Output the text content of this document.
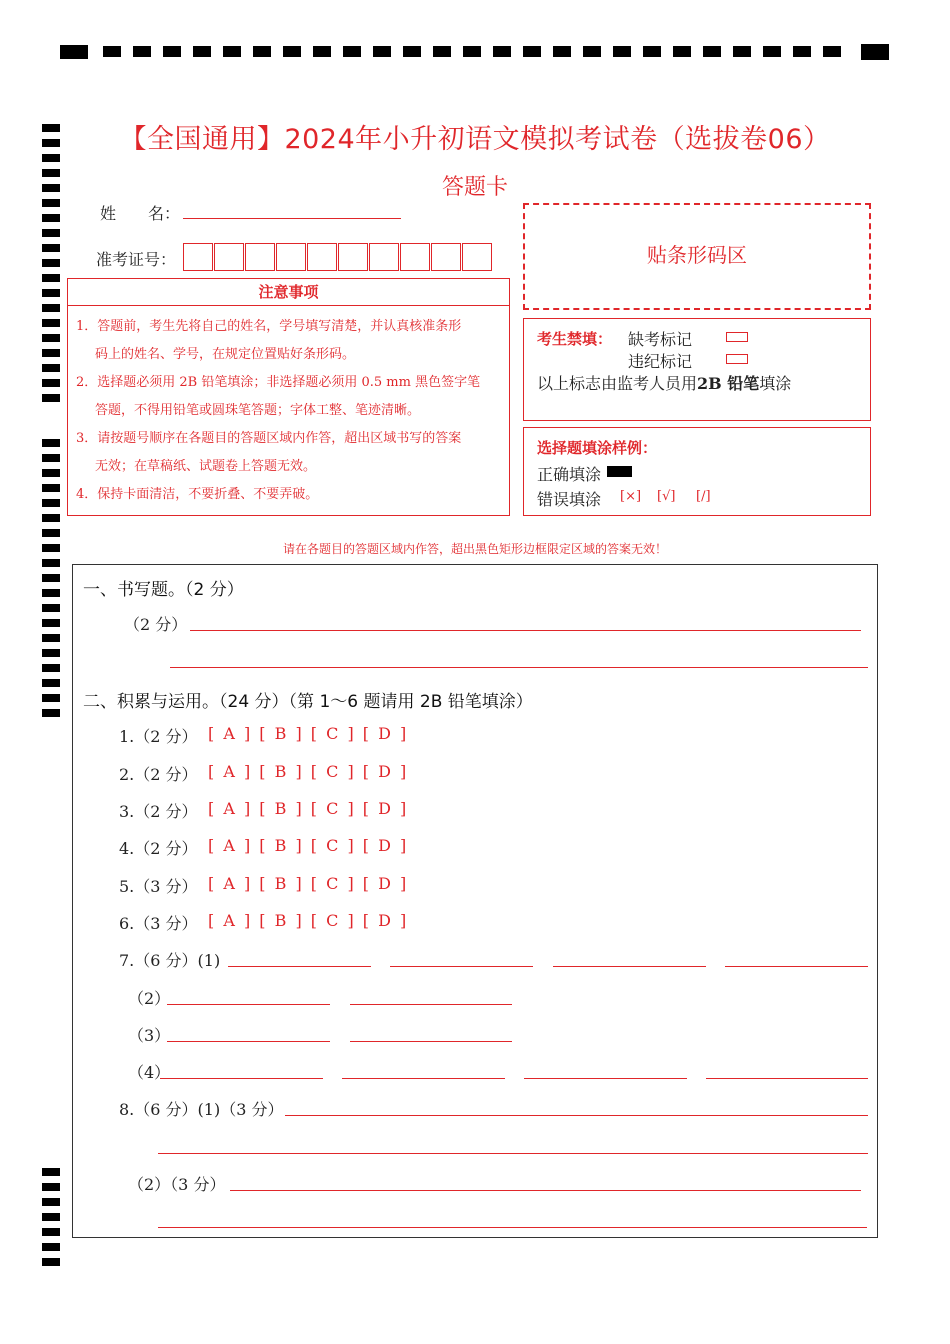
【全国通用】2024年小升初语文模拟考试卷（选拔卷06）
答题卡
姓　　名：
准考证号：
注意事项
1．答题前，考生先将自己的姓名，学号填写清楚，并认真核准条形
码上的姓名、学号，在规定位置贴好条形码。
2．选择题必须用 2B 铅笔填涂；非选择题必须用 0.5 mm 黑色签字笔
答题，不得用铅笔或圆珠笔答题；字体工整、笔迹清晰。
3．请按题号顺序在各题目的答题区域内作答，超出区域书写的答案
无效；在草稿纸、试题卷上答题无效。
4．保持卡面清洁，不要折叠、不要弄破。
贴条形码区
考生禁填： 缺考标记
违纪标记
以上标志由监考人员用2B 铅笔填涂
选择题填涂样例：
正确填涂
错误填涂 [×] [√] [/]
请在各题目的答题区域内作答，超出黑色矩形边框限定区域的答案无效！
一、书写题。（2 分）
（2 分）
二、积累与运用。（24 分）（第 1～6 题请用 2B 铅笔填涂）
1.（2 分） [ A ] [ B ] [ C ] [ D ]
2.（2 分） [ A ] [ B ] [ C ] [ D ]
3.（2 分） [ A ] [ B ] [ C ] [ D ]
4.（2 分） [ A ] [ B ] [ C ] [ D ]
5.（3 分） [ A ] [ B ] [ C ] [ D ]
6.（3 分） [ A ] [ B ] [ C ] [ D ]
7.（6 分）(1)
（2）
（3）
（4）
8.（6 分）(1)（3 分）
（2）（3 分）
